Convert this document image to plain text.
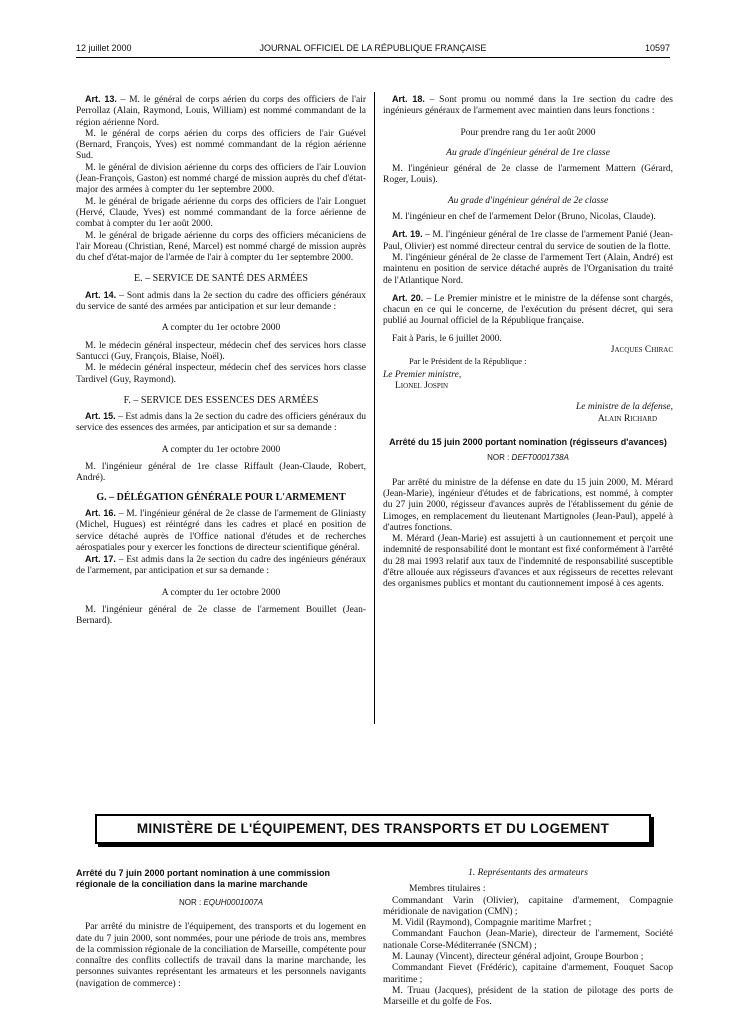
12 juillet 2000	JOURNAL OFFICIEL DE LA RÉPUBLIQUE FRANÇAISE	10597

Art. 13. – M. le général de corps aérien du corps des officiers de l'air Perrollaz (Alain, Raymond, Louis, William) est nommé commandant de la région aérienne Nord.

M. le général de corps aérien du corps des officiers de l'air Guével (Bernard, François, Yves) est nommé commandant de la région aérienne Sud.

M. le général de division aérienne du corps des officiers de l'air Louvion (Jean-François, Gaston) est nommé chargé de mission auprès du chef d'état-major des armées à compter du 1er septembre 2000.

M. le général de brigade aérienne du corps des officiers de l'air Longuet (Hervé, Claude, Yves) est nommé commandant de la force aérienne de combat à compter du 1er août 2000.

M. le général de brigade aérienne du corps des officiers mécaniciens de l'air Moreau (Christian, René, Marcel) est nommé chargé de mission auprès du chef d'état-major de l'armée de l'air à compter du 1er septembre 2000.

E. – SERVICE DE SANTÉ DES ARMÉES

Art. 14. – Sont admis dans la 2e section du cadre des officiers généraux du service de santé des armées par anticipation et sur leur demande :

A compter du 1er octobre 2000

M. le médecin général inspecteur, médecin chef des services hors classe Santucci (Guy, François, Blaise, Noël).

M. le médecin général inspecteur, médecin chef des services hors classe Tardivel (Guy, Raymond).

F. – SERVICE DES ESSENCES DES ARMÉES

Art. 15. – Est admis dans la 2e section du cadre des officiers généraux du service des essences des armées, par anticipation et sur sa demande :

A compter du 1er octobre 2000

M. l'ingénieur général de 1re classe Riffault (Jean-Claude, Robert, André).

G. – DÉLÉGATION GÉNÉRALE POUR L'ARMEMENT

Art. 16. – M. l'ingénieur général de 2e classe de l'armement de Gliniasty (Michel, Hugues) est réintégré dans les cadres et placé en position de service détaché auprès de l'Office national d'études et de recherches aérospatiales pour y exercer les fonctions de directeur scientifique général.

Art. 17. – Est admis dans la 2e section du cadre des ingénieurs généraux de l'armement, par anticipation et sur sa demande :

A compter du 1er octobre 2000

M. l'ingénieur général de 2e classe de l'armement Bouillet (Jean-Bernard).

Art. 18. – Sont promu ou nommé dans la 1re section du cadre des ingénieurs généraux de l'armement avec maintien dans leurs fonctions :

Pour prendre rang du 1er août 2000
Au grade d'ingénieur général de 1re classe

M. l'ingénieur général de 2e classe de l'armement Mattern (Gérard, Roger, Louis).

Au grade d'ingénieur général de 2e classe

M. l'ingénieur en chef de l'armement Delor (Bruno, Nicolas, Claude).

Art. 19. – M. l'ingénieur général de 1re classe de l'armement Panié (Jean-Paul, Olivier) est nommé directeur central du service de soutien de la flotte.

M. l'ingénieur général de 2e classe de l'armement Tert (Alain, André) est maintenu en position de service détaché auprès de l'Organisation du traité de l'Atlantique Nord.

Art. 20. – Le Premier ministre et le ministre de la défense sont chargés, chacun en ce qui le concerne, de l'exécution du présent décret, qui sera publié au Journal officiel de la République française.

Fait à Paris, le 6 juillet 2000.

Jacques Chirac
Par le Président de la République :
Le Premier ministre,
Lionel Jospin
Le ministre de la défense,
Alain Richard
Arrêté du 15 juin 2000 portant nomination (régisseurs d'avances)
NOR : DEFT0001738A

Par arrêté du ministre de la défense en date du 15 juin 2000, M. Mérard (Jean-Marie), ingénieur d'études et de fabrications, est nommé, à compter du 27 juin 2000, régisseur d'avances auprès de l'établissement du génie de Limoges, en remplacement du lieutenant Martignoles (Jean-Paul), appelé à d'autres fonctions.

M. Mérard (Jean-Marie) est assujetti à un cautionnement et perçoit une indemnité de responsabilité dont le montant est fixé conformément à l'arrêté du 28 mai 1993 relatif aux taux de l'indemnité de responsabilité susceptible d'être allouée aux régisseurs d'avances et aux régisseurs de recettes relevant des organismes publics et montant du cautionnement imposé à ces agents.

MINISTÈRE DE L'ÉQUIPEMENT, DES TRANSPORTS ET DU LOGEMENT
Arrêté du 7 juin 2000 portant nomination à une commission régionale de la conciliation dans la marine marchande
NOR : EQUH0001007A

Par arrêté du ministre de l'équipement, des transports et du logement en date du 7 juin 2000, sont nommées, pour une période de trois ans, membres de la commission régionale de la conciliation de Marseille, compétente pour connaître des conflits collectifs de travail dans la marine marchande, les personnes suivantes représentant les armateurs et les personnels navigants (navigation de commerce) :

1. Représentants des armateurs
Membres titulaires :

Commandant Varin (Olivier), capitaine d'armement, Compagnie méridionale de navigation (CMN) ;

M. Vidil (Raymond), Compagnie maritime Marfret ;

Commandant Fauchon (Jean-Marie), directeur de l'armement, Société nationale Corse-Méditerranée (SNCM) ;

M. Launay (Vincent), directeur général adjoint, Groupe Bourbon ;

Commandant Fievet (Frédéric), capitaine d'armement, Fouquet Sacop maritime ;

M. Truau (Jacques), président de la station de pilotage des ports de Marseille et du golfe de Fos.
